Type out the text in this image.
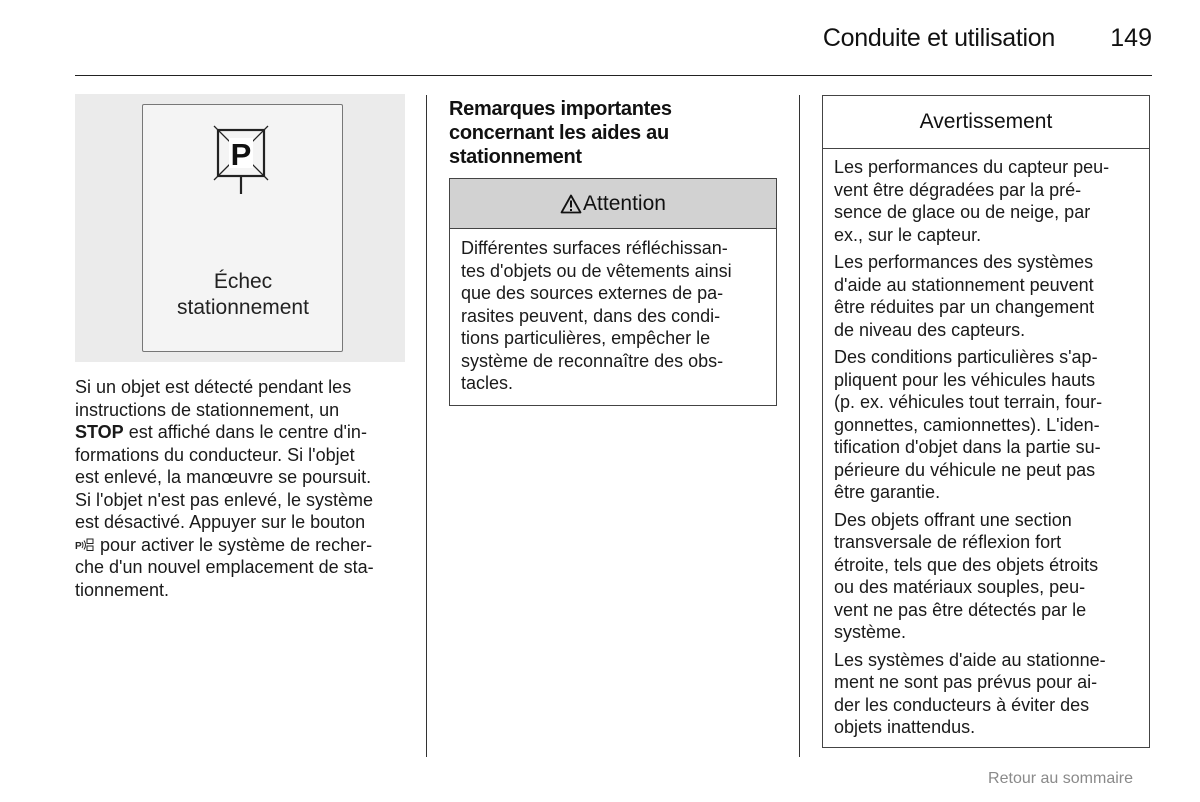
Conduite et utilisation 149
P
Échec
stationnement
Si un objet est détecté pendant les
instructions de stationnement, un
STOP est affiché dans le centre d'in-
formations du conducteur. Si l'objet
est enlevé, la manœuvre se poursuit.
Si l'objet n'est pas enlevé, le système
est désactivé. Appuyer sur le bouton
P pour activer le système de recher-
che d'un nouvel emplacement de sta-
tionnement.
Remarques importantes
concernant les aides au
stationnement
Attention
Différentes surfaces réfléchissan-
tes d'objets ou de vêtements ainsi
que des sources externes de pa-
rasites peuvent, dans des condi-
tions particulières, empêcher le
système de reconnaître des obs-
tacles.
Avertissement
Les performances du capteur peu-
vent être dégradées par la pré-
sence de glace ou de neige, par
ex., sur le capteur.
Les performances des systèmes
d'aide au stationnement peuvent
être réduites par un changement
de niveau des capteurs.
Des conditions particulières s'ap-
pliquent pour les véhicules hauts
(p. ex. véhicules tout terrain, four-
gonnettes, camionnettes). L'iden-
tification d'objet dans la partie su-
périeure du véhicule ne peut pas
être garantie.
Des objets offrant une section
transversale de réflexion fort
étroite, tels que des objets étroits
ou des matériaux souples, peu-
vent ne pas être détectés par le
système.
Les systèmes d'aide au stationne-
ment ne sont pas prévus pour ai-
der les conducteurs à éviter des
objets inattendus.
Retour au sommaire
